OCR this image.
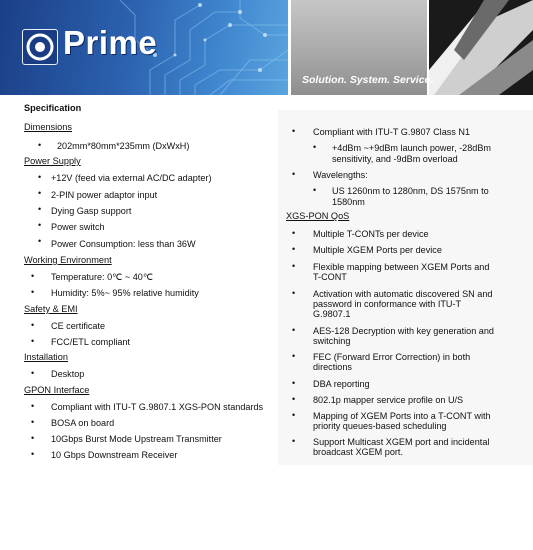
Prime
Solution. System. Service.
Specification
Dimensions
• 202mm*80mm*235mm (DxWxH)
Power Supply
• +12V (feed via external AC/DC adapter)
• 2-PIN power adaptor input
• Dying Gasp support
• Power switch
• Power Consumption: less than 36W
Working Environment
• Temperature: 0℃ ~ 40℃
• Humidity: 5%~ 95% relative humidity
Safety & EMI
• CE certificate
• FCC/ETL compliant
Installation
• Desktop
GPON Interface
• Compliant with ITU-T G.9807.1 XGS-PON standards
• BOSA on board
• 10Gbps Burst Mode Upstream Transmitter
• 10 Gbps Downstream Receiver
• Compliant with ITU-T G.9807 Class N1
• +4dBm ~+9dBm launch power, -28dBm
sensitivity, and -9dBm overload
• Wavelengths:
• US 1260nm to 1280nm, DS 1575nm to
1580nm
XGS-PON QoS
• Multiple T-CONTs per device
• Multiple XGEM Ports per device
• Flexible mapping between XGEM Ports and
T-CONT
• Activation with automatic discovered SN and
password in conformance with ITU-T
G.9807.1
• AES-128 Decryption with key generation and
switching
• FEC (Forward Error Correction) in both
directions
• DBA reporting
• 802.1p mapper service profile on U/S
• Mapping of XGEM Ports into a T-CONT with
priority queues-based scheduling
• Support Multicast XGEM port and incidental
broadcast XGEM port.
